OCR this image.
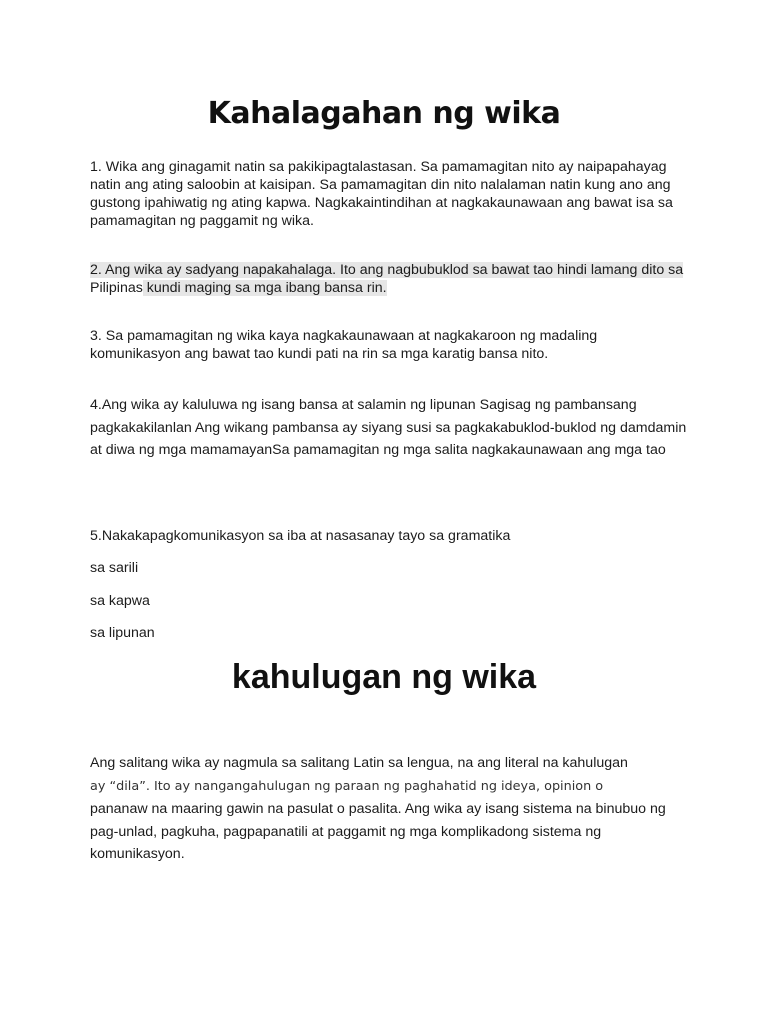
Kahalagahan ng wika

1. Wika ang ginagamit natin sa pakikipagtalastasan. Sa pamamagitan nito ay naipapahayag natin ang ating saloobin at kaisipan. Sa pamamagitan din nito nalalaman natin kung ano ang gustong ipahiwatig ng ating kapwa. Nagkakaintindihan at nagkakaunawaan ang bawat isa sa pamamagitan ng paggamit ng wika.

2. Ang wika ay sadyang napakahalaga. Ito ang nagbubuklod sa bawat tao hindi lamang dito sa Pilipinas kundi maging sa mga ibang bansa rin.

3. Sa pamamagitan ng wika kaya nagkakaunawaan at nagkakaroon ng madaling komunikasyon ang bawat tao kundi pati na rin sa mga karatig bansa nito.

4.Ang wika ay kaluluwa ng isang bansa at salamin ng lipunan Sagisag ng pambansang pagkakakilanlan Ang wikang pambansa ay siyang susi sa pagkakabuklod-buklod ng damdamin at diwa ng mga mamamayanSa pamamagitan ng mga salita nagkakaunawaan ang mga tao

5.Nakakapagkomunikasyon sa iba at nasasanay tayo sa gramatika

sa sarili

sa kapwa

sa lipunan

kahulugan ng wika

Ang salitang wika ay nagmula sa salitang Latin sa lengua, na ang literal na kahulugan
ay “dila”. Ito ay nangangahulugan ng paraan ng paghahatid ng ideya, opinion o
pananaw na maaring gawin na pasulat o pasalita. Ang wika ay isang sistema na binubuo ng pag-unlad, pagkuha, pagpapanatili at paggamit ng mga komplikadong sistema ng komunikasyon.
